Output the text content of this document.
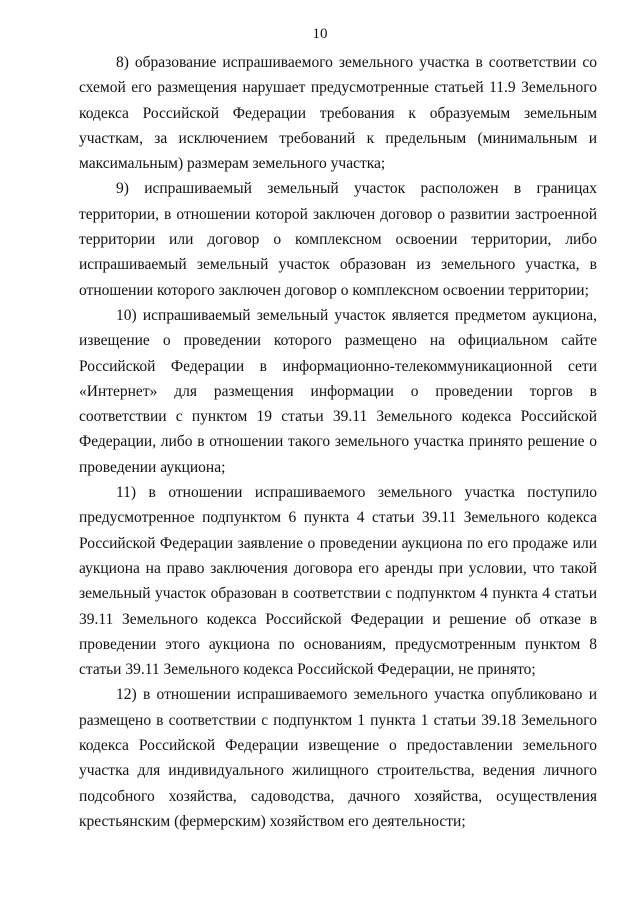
10

8) образование испрашиваемого земельного участка в соответствии со схемой его размещения нарушает предусмотренные статьей 11.9 Земельного кодекса Российской Федерации требования к образуемым земельным участкам, за исключением требований к предельным (минимальным и максимальным) размерам земельного участка;

9) испрашиваемый земельный участок расположен в границах территории, в отношении которой заключен договор о развитии застроенной территории или договор о комплексном освоении территории, либо испрашиваемый земельный участок образован из земельного участка, в отношении которого заключен договор о комплексном освоении территории;

10) испрашиваемый земельный участок является предметом аукциона, извещение о проведении которого размещено на официальном сайте Российской Федерации в информационно-телекоммуникационной сети «Интернет» для размещения информации о проведении торгов в соответствии с пунктом 19 статьи 39.11 Земельного кодекса Российской Федерации, либо в отношении такого земельного участка принято решение о проведении аукциона;

11) в отношении испрашиваемого земельного участка поступило предусмотренное подпунктом 6 пункта 4 статьи 39.11 Земельного кодекса Российской Федерации заявление о проведении аукциона по его продаже или аукциона на право заключения договора его аренды при условии, что такой земельный участок образован в соответствии с подпунктом 4 пункта 4 статьи 39.11 Земельного кодекса Российской Федерации и решение об отказе в проведении этого аукциона по основаниям, предусмотренным пунктом 8 статьи 39.11 Земельного кодекса Российской Федерации, не принято;

12) в отношении испрашиваемого земельного участка опубликовано и размещено в соответствии с подпунктом 1 пункта 1 статьи 39.18 Земельного кодекса Российской Федерации извещение о предоставлении земельного участка для индивидуального жилищного строительства, ведения личного подсобного хозяйства, садоводства, дачного хозяйства, осуществления крестьянским (фермерским) хозяйством его деятельности;
